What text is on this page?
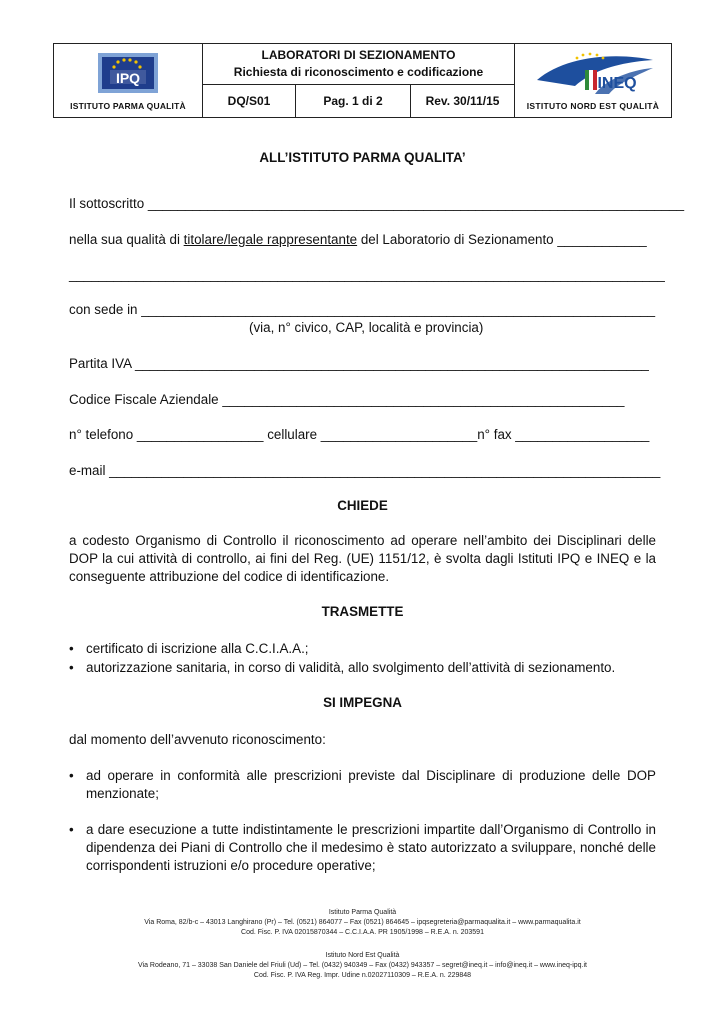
IPQ
ISTITUTO PARMA QUALITÀ
LABORATORI DI SEZIONAMENTO
Richiesta di riconoscimento e codificazione
DQ/S01	Pag. 1 di 2	Rev. 30/11/15
INEQ
ISTITUTO NORD EST QUALITÀ
ALL’ISTITUTO PARMA QUALITA’
Il sottoscritto ________________________________________________________________________
nella sua qualità di titolare/legale rappresentante del Laboratorio di Sezionamento ____________
________________________________________________________________________________
con sede in _____________________________________________________________________
(via, n° civico, CAP, località e provincia)
Partita IVA _____________________________________________________________________
Codice Fiscale Aziendale ______________________________________________________
n° telefono _________________ cellulare _____________________n° fax __________________
e-mail __________________________________________________________________________
CHIEDE
a codesto Organismo di Controllo il riconoscimento ad operare nell’ambito dei Disciplinari delle DOP la cui attività di controllo, ai fini del Reg. (UE) 1151/12, è svolta dagli Istituti IPQ e INEQ e la conseguente attribuzione del codice di identificazione.
TRASMETTE
• certificato di iscrizione alla C.C.I.A.A.;
• autorizzazione sanitaria, in corso di validità, allo svolgimento dell’attività di sezionamento.
SI IMPEGNA
dal momento dell’avvenuto riconoscimento:
• ad operare in conformità alle prescrizioni previste dal Disciplinare di produzione delle DOP menzionate;
• a dare esecuzione a tutte indistintamente le prescrizioni impartite dall’Organismo di Controllo in dipendenza dei Piani di Controllo che il medesimo è stato autorizzato a sviluppare, nonché delle corrispondenti istruzioni e/o procedure operative;
Istituto Parma Qualità
Via Roma, 82/b-c – 43013 Langhirano (Pr) – Tel. (0521) 864077 – Fax (0521) 864645 – ipqsegreteria@parmaqualita.it – www.parmaqualita.it
Cod. Fisc. P. IVA 02015870344 – C.C.I.A.A. PR 1905/1998 – R.E.A. n. 203591
Istituto Nord Est Qualità
Via Rodeano, 71 – 33038 San Daniele del Friuli (Ud) – Tel. (0432) 940349 – Fax (0432) 943357 – segret@ineq.it – info@ineq.it – www.ineq-ipq.it
Cod. Fisc. P. IVA Reg. Impr. Udine n.02027110309 – R.E.A. n. 229848
